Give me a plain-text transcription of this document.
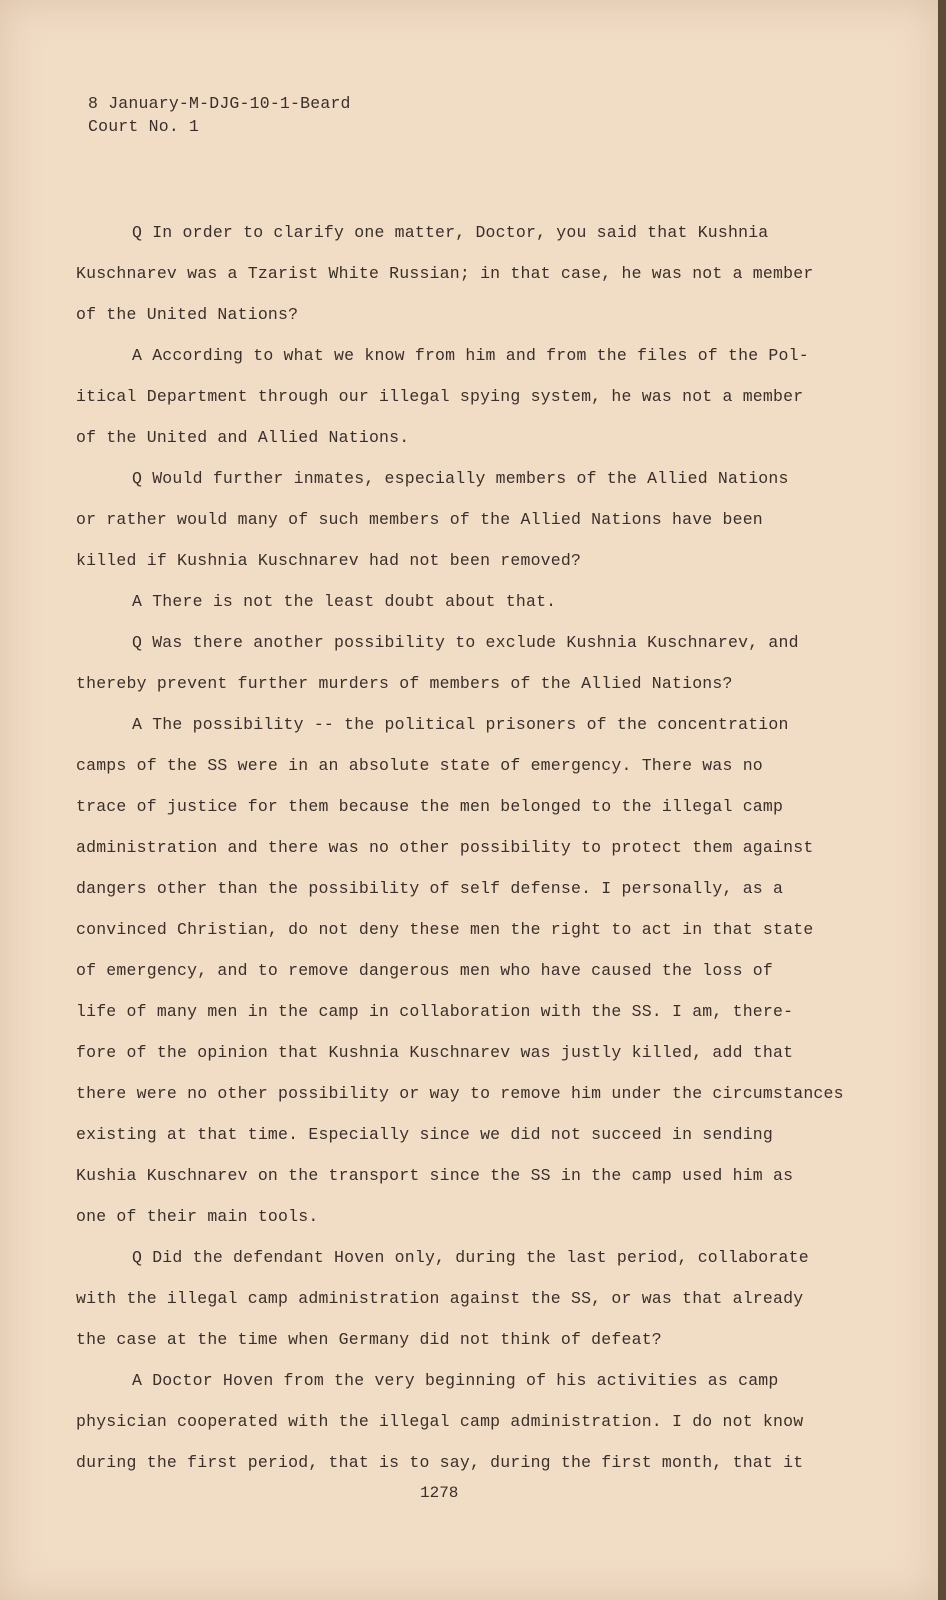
8 January-M-DJG-10-1-Beard
Court No. 1
Q In order to clarify one matter, Doctor, you said that Kushnia
Kuschnarev was a Tzarist White Russian; in that case, he was not a member
of the United Nations?
A According to what we know from him and from the files of the Pol-
itical Department through our illegal spying system, he was not a member
of the United and Allied Nations.
Q Would further inmates, especially members of the Allied Nations
or rather would many of such members of the Allied Nations have been
killed if Kushnia Kuschnarev had not been removed?
A There is not the least doubt about that.
Q Was there another possibility to exclude Kushnia Kuschnarev, and
thereby prevent further murders of members of the Allied Nations?
A The possibility -- the political prisoners of the concentration
camps of the SS were in an absolute state of emergency. There was no
trace of justice for them because the men belonged to the illegal camp
administration and there was no other possibility to protect them against
dangers other than the possibility of self defense. I personally, as a
convinced Christian, do not deny these men the right to act in that state
of emergency, and to remove dangerous men who have caused the loss of
life of many men in the camp in collaboration with the SS. I am, there-
fore of the opinion that Kushnia Kuschnarev was justly killed, add that
there were no other possibility or way to remove him under the circumstances
existing at that time. Especially since we did not succeed in sending
Kushia Kuschnarev on the transport since the SS in the camp used him as
one of their main tools.
Q Did the defendant Hoven only, during the last period, collaborate
with the illegal camp administration against the SS, or was that already
the case at the time when Germany did not think of defeat?
A Doctor Hoven from the very beginning of his activities as camp
physician cooperated with the illegal camp administration. I do not know
during the first period, that is to say, during the first month, that it
1278
